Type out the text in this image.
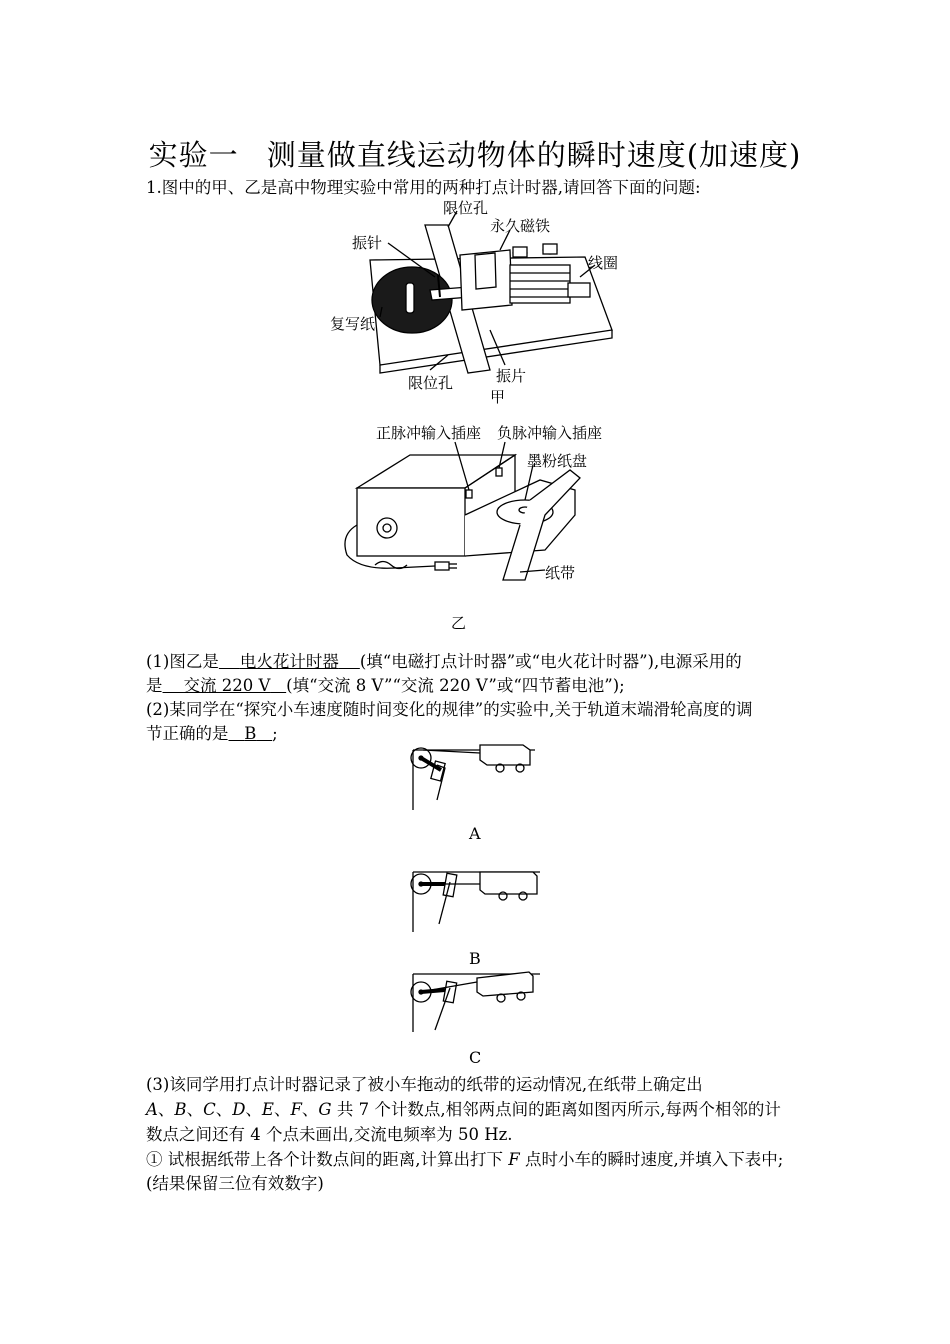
实验一 测量做直线运动物体的瞬时速度(加速度)
1.图中的甲、乙是高中物理实验中常用的两种打点计时器,请回答下面的问题:
限位孔
永久磁铁
振针
线圈
复写纸
限位孔	振片
甲
正脉冲输入插座 负脉冲输入插座
墨粉纸盘
纸带
乙
(1)图乙是 电火花计时器 (填“电磁打点计时器”或“电火花计时器”),电源采用的
是 交流 220 V (填“交流 8 V”“交流 220 V”或“四节蓄电池”);
(2)某同学在“探究小车速度随时间变化的规律”的实验中,关于轨道末端滑轮高度的调
节正确的是 B ;
A
B
C
(3)该同学用打点计时器记录了被小车拖动的纸带的运动情况,在纸带上确定出
A、B、C、D、E、F、G 共 7 个计数点,相邻两点间的距离如图丙所示,每两个相邻的计
数点之间还有 4 个点未画出,交流电频率为 50 Hz.
① 试根据纸带上各个计数点间的距离,计算出打下 F 点时小车的瞬时速度,并填入下表中;
(结果保留三位有效数字)
